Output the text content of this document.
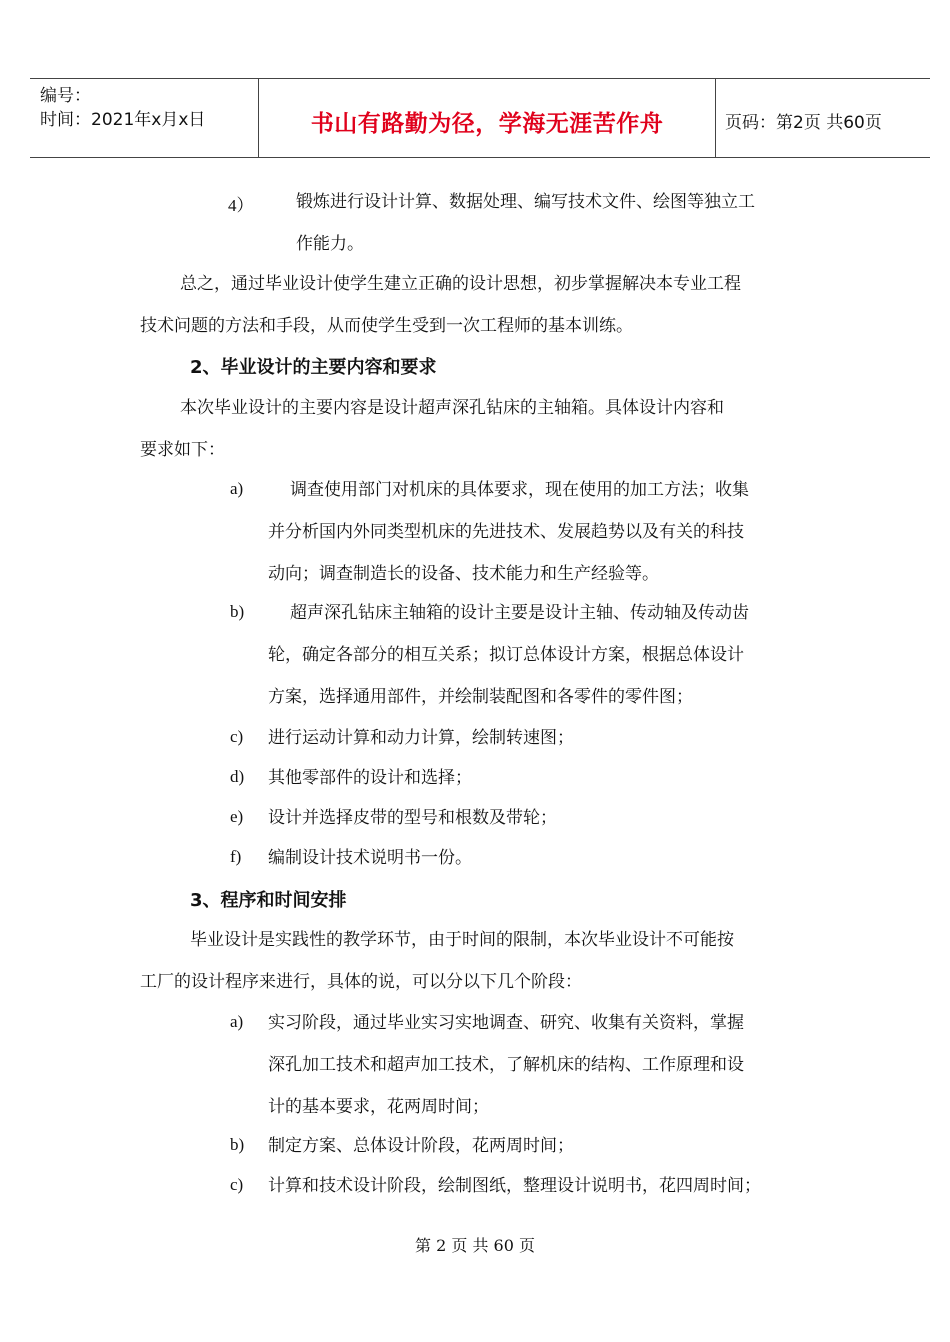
编号：
时间：2021年x月x日	书山有路勤为径，学海无涯苦作舟	页码：第2页 共60页
4）	锻炼进行设计计算、数据处理、编写技术文件、绘图等独立工
作能力。
总之，通过毕业设计使学生建立正确的设计思想，初步掌握解决本专业工程
技术问题的方法和手段，从而使学生受到一次工程师的基本训练。
2、毕业设计的主要内容和要求
本次毕业设计的主要内容是设计超声深孔钻床的主轴箱。具体设计内容和
要求如下：
a)	调查使用部门对机床的具体要求，现在使用的加工方法；收集
并分析国内外同类型机床的先进技术、发展趋势以及有关的科技
动向；调查制造长的设备、技术能力和生产经验等。
b)	超声深孔钻床主轴箱的设计主要是设计主轴、传动轴及传动齿
轮，确定各部分的相互关系；拟订总体设计方案，根据总体设计
方案，选择通用部件，并绘制装配图和各零件的零件图；
c) 进行运动计算和动力计算，绘制转速图；
d) 其他零部件的设计和选择；
e) 设计并选择皮带的型号和根数及带轮；
f) 编制设计技术说明书一份。
3、程序和时间安排
毕业设计是实践性的教学环节，由于时间的限制，本次毕业设计不可能按
工厂的设计程序来进行，具体的说，可以分以下几个阶段：
a) 实习阶段，通过毕业实习实地调查、研究、收集有关资料，掌握
深孔加工技术和超声加工技术，了解机床的结构、工作原理和设
计的基本要求，花两周时间；
b) 制定方案、总体设计阶段，花两周时间；
c) 计算和技术设计阶段，绘制图纸，整理设计说明书，花四周时间；
第 2 页 共 60 页
